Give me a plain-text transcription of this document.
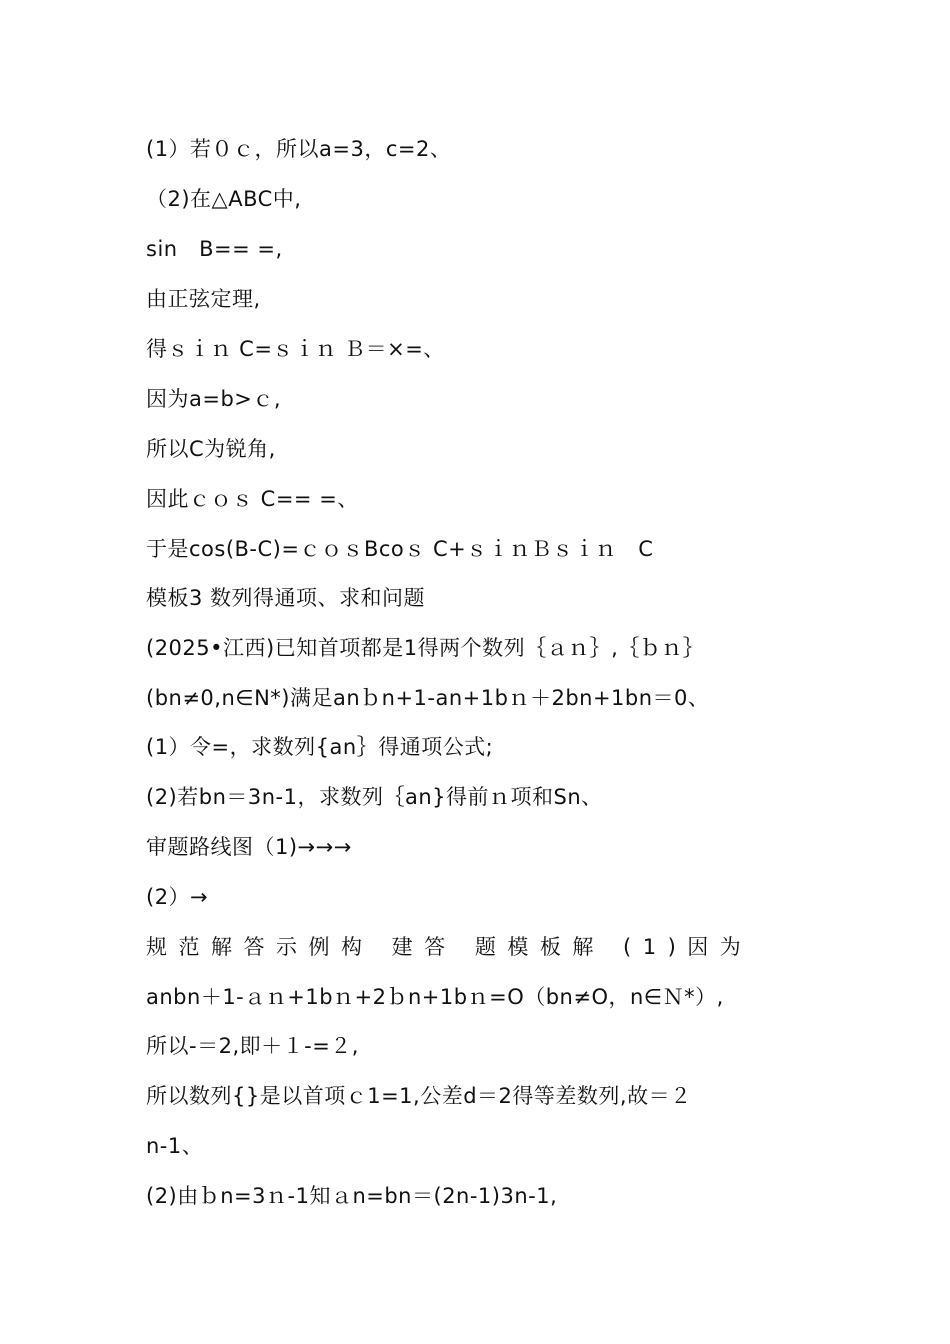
(1）若０ｃ，所以a=3，c=2、
（2)在△ABC中,
sin　B== =,
由正弦定理,
得ｓｉｎ C=ｓｉｎ Ｂ＝×=、
因为a=b>ｃ,
所以C为锐角,
因此ｃｏｓ C== =、
于是cos(B-C)=ｃｏｓBcoｓ C+ｓｉｎＢｓｉｎ　C
模板3 数列得通项、求和问题
(2025•江西)已知首项都是1得两个数列｛ａｎ｝,｛ｂｎ｝
(bn≠0,n∈N*)满足anｂn+1-an+1bｎ＋2bn+1bn＝0、
(1）令=，求数列{an｝得通项公式;
(2)若bn＝3n-1，求数列｛an}得前ｎ项和Sn、
审题路线图（1)→→→
(2）→
规范解答示例构 建答 题模板解 (1)因为
anbn＋1-ａｎ+1bｎ+2ｂn+1bｎ=O（bn≠O，n∈Ｎ*）,
所以-＝2,即＋１-=２,
所以数列{}是以首项ｃ1=1,公差d＝2得等差数列,故＝２
n-1、
(2)由ｂn=3ｎ-1知ａn=bn＝(2n-1)3n-1,
